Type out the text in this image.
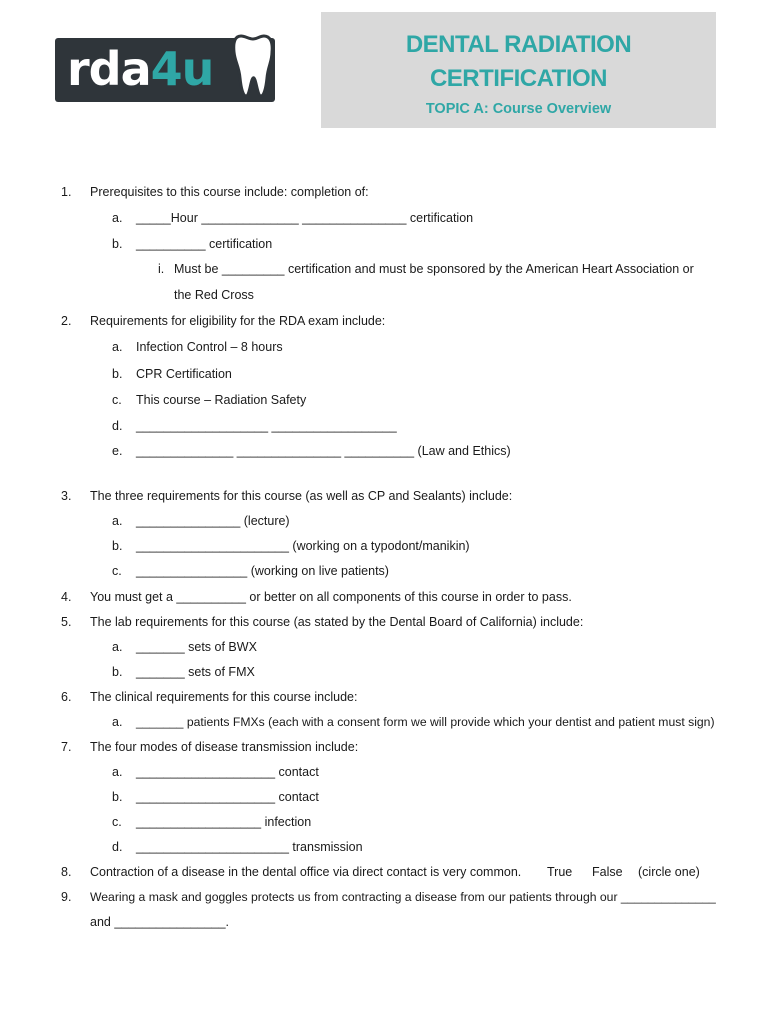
rda4u	DENTAL RADIATION
CERTIFICATION
TOPIC A: Course Overview
1. Prerequisites to this course include: completion of:
a. _____Hour ______________ _______________ certification
b. __________ certification
i. Must be _________ certification and must be sponsored by the American Heart Association or
the Red Cross
2. Requirements for eligibility for the RDA exam include:
a. Infection Control – 8 hours
b. CPR Certification
c. This course – Radiation Safety
d. ___________________ __________________
e. ______________ _______________ __________ (Law and Ethics)
3. The three requirements for this course (as well as CP and Sealants) include:
a. _______________ (lecture)
b. ______________________ (working on a typodont/manikin)
c. ________________ (working on live patients)
4. You must get a __________ or better on all components of this course in order to pass.
5. The lab requirements for this course (as stated by the Dental Board of California) include:
a. _______ sets of BWX
b. _______ sets of FMX
6. The clinical requirements for this course include:
a. _______ patients FMXs (each with a consent form we will provide which your dentist and patient must sign)
7. The four modes of disease transmission include:
a. ____________________ contact
b. ____________________ contact
c. __________________ infection
d. ______________________ transmission
8. Contraction of a disease in the dental office via direct contact is very common. True False (circle one)
9. Wearing a mask and goggles protects us from contracting a disease from our patients through our ______________
and ________________.
